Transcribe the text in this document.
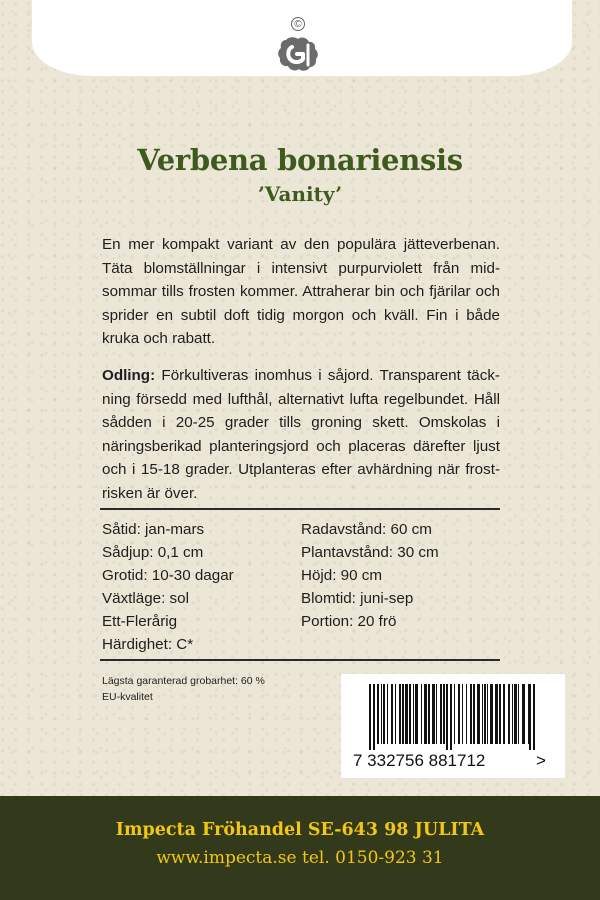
©
Verbena bonariensis
’Vanity’
En mer kompakt variant av den populära jätteverbenan. Täta blomställningar i intensivt purpurviolett från mid-sommar tills frosten kommer. Attraherar bin och fjärilar och sprider en subtil doft tidig morgon och kväll. Fin i både kruka och rabatt.
Odling: Förkultiveras inomhus i såjord. Transparent täck-ning försedd med lufthål, alternativt lufta regelbundet. Håll sådden i 20-25 grader tills groning skett. Omskolas i näringsberikad planteringsjord och placeras därefter ljust och i 15-18 grader. Utplanteras efter avhärdning när frost-risken är över.
Såtid: jan-mars
Sådjup: 0,1 cm
Grotid: 10-30 dagar
Växtläge: sol
Ett-Flerårig
Härdighet: C*
Radavstånd: 60 cm
Plantavstånd: 30 cm
Höjd: 90 cm
Blomtid: juni-sep
Portion: 20 frö
Lägsta garanterad grobarhet: 60 %
EU-kvalitet
7 332756 881712	>
Impecta Fröhandel SE-643 98 JULITA
www.impecta.se tel. 0150-923 31
